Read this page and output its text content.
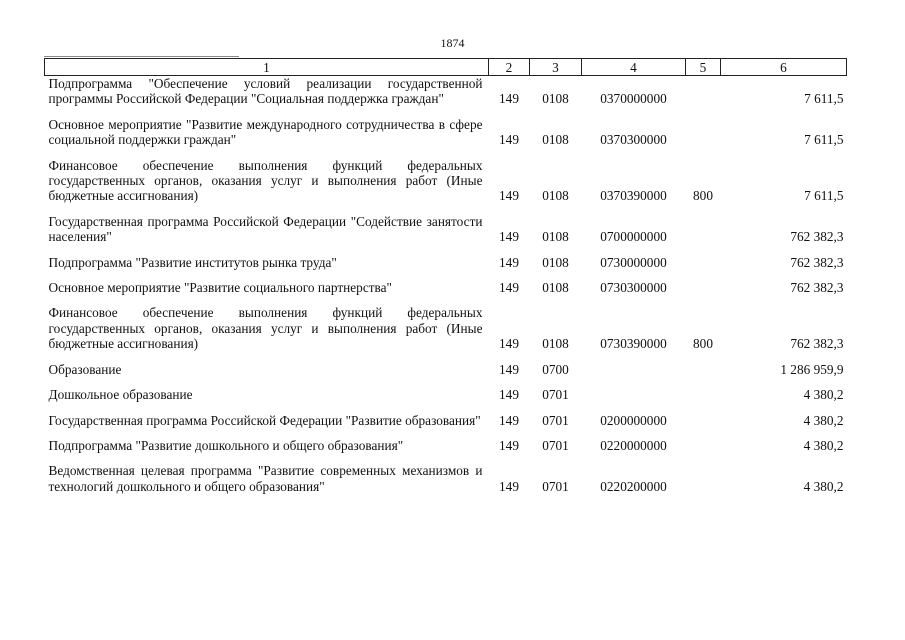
1874
1	2	3	4	5	6
Подпрограмма "Обеспечение условий реализации государственной программы Российской Федерации "Социальная поддержка граждан"	149	0108	0370000000		7 611,5

Основное мероприятие "Развитие международного сотрудничества в сфере социальной поддержки граждан"	149	0108	0370300000		7 611,5

Финансовое обеспечение выполнения функций федеральных государственных органов, оказания услуг и выполнения работ (Иные бюджетные ассигнования)	149	0108	0370390000	800	7 611,5

Государственная программа Российской Федерации "Содействие занятости населения"	149	0108	0700000000		762 382,3

Подпрограмма "Развитие институтов рынка труда"	149	0108	0730000000		762 382,3

Основное мероприятие "Развитие социального партнерства"	149	0108	0730300000		762 382,3

Финансовое обеспечение выполнения функций федеральных государственных органов, оказания услуг и выполнения работ (Иные бюджетные ассигнования)	149	0108	0730390000	800	762 382,3

Образование	149	0700			1 286 959,9

Дошкольное образование	149	0701			4 380,2

Государственная программа Российской Федерации "Развитие образования"	149	0701	0200000000		4 380,2

Подпрограмма "Развитие дошкольного и общего образования"	149	0701	0220000000		4 380,2

Ведомственная целевая программа "Развитие современных механизмов и технологий дошкольного и общего образования"	149	0701	0220200000		4 380,2
